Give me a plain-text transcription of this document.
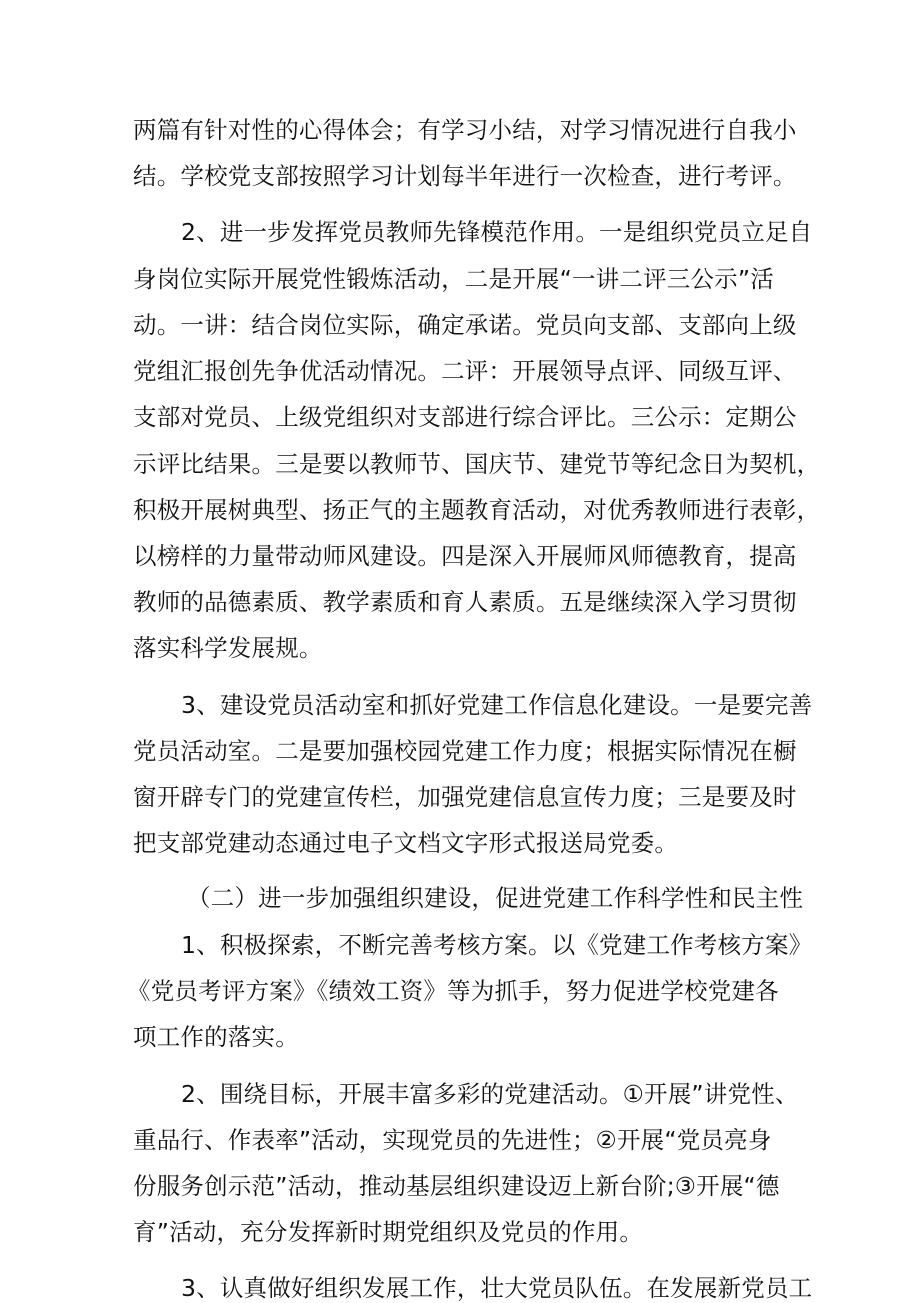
两篇有针对性的心得体会；有学习小结，对学习情况进行自我小
结。学校党支部按照学习计划每半年进行一次检查，进行考评。
2、进一步发挥党员教师先锋模范作用。一是组织党员立足自
身岗位实际开展党性锻炼活动，二是开展“一讲二评三公示”活
动。一讲：结合岗位实际，确定承诺。党员向支部、支部向上级
党组汇报创先争优活动情况。二评：开展领导点评、同级互评、
支部对党员、上级党组织对支部进行综合评比。三公示：定期公
示评比结果。三是要以教师节、国庆节、建党节等纪念日为契机，
积极开展树典型、扬正气的主题教育活动，对优秀教师进行表彰，
以榜样的力量带动师风建设。四是深入开展师风师德教育，提高
教师的品德素质、教学素质和育人素质。五是继续深入学习贯彻
落实科学发展规。
3、建设党员活动室和抓好党建工作信息化建设。一是要完善
党员活动室。二是要加强校园党建工作力度；根据实际情况在橱
窗开辟专门的党建宣传栏，加强党建信息宣传力度；三是要及时
把支部党建动态通过电子文档文字形式报送局党委。
（二）进一步加强组织建设，促进党建工作科学性和民主性
1、积极探索，不断完善考核方案。以《党建工作考核方案》
《党员考评方案》《绩效工资》等为抓手，努力促进学校党建各
项工作的落实。
2、围绕目标，开展丰富多彩的党建活动。①开展”讲党性、
重品行、作表率”活动，实现党员的先进性；②开展“党员亮身
份服务创示范”活动，推动基层组织建设迈上新台阶;③开展“德
育”活动，充分发挥新时期党组织及党员的作用。
3、认真做好组织发展工作，壮大党员队伍。在发展新党员工
